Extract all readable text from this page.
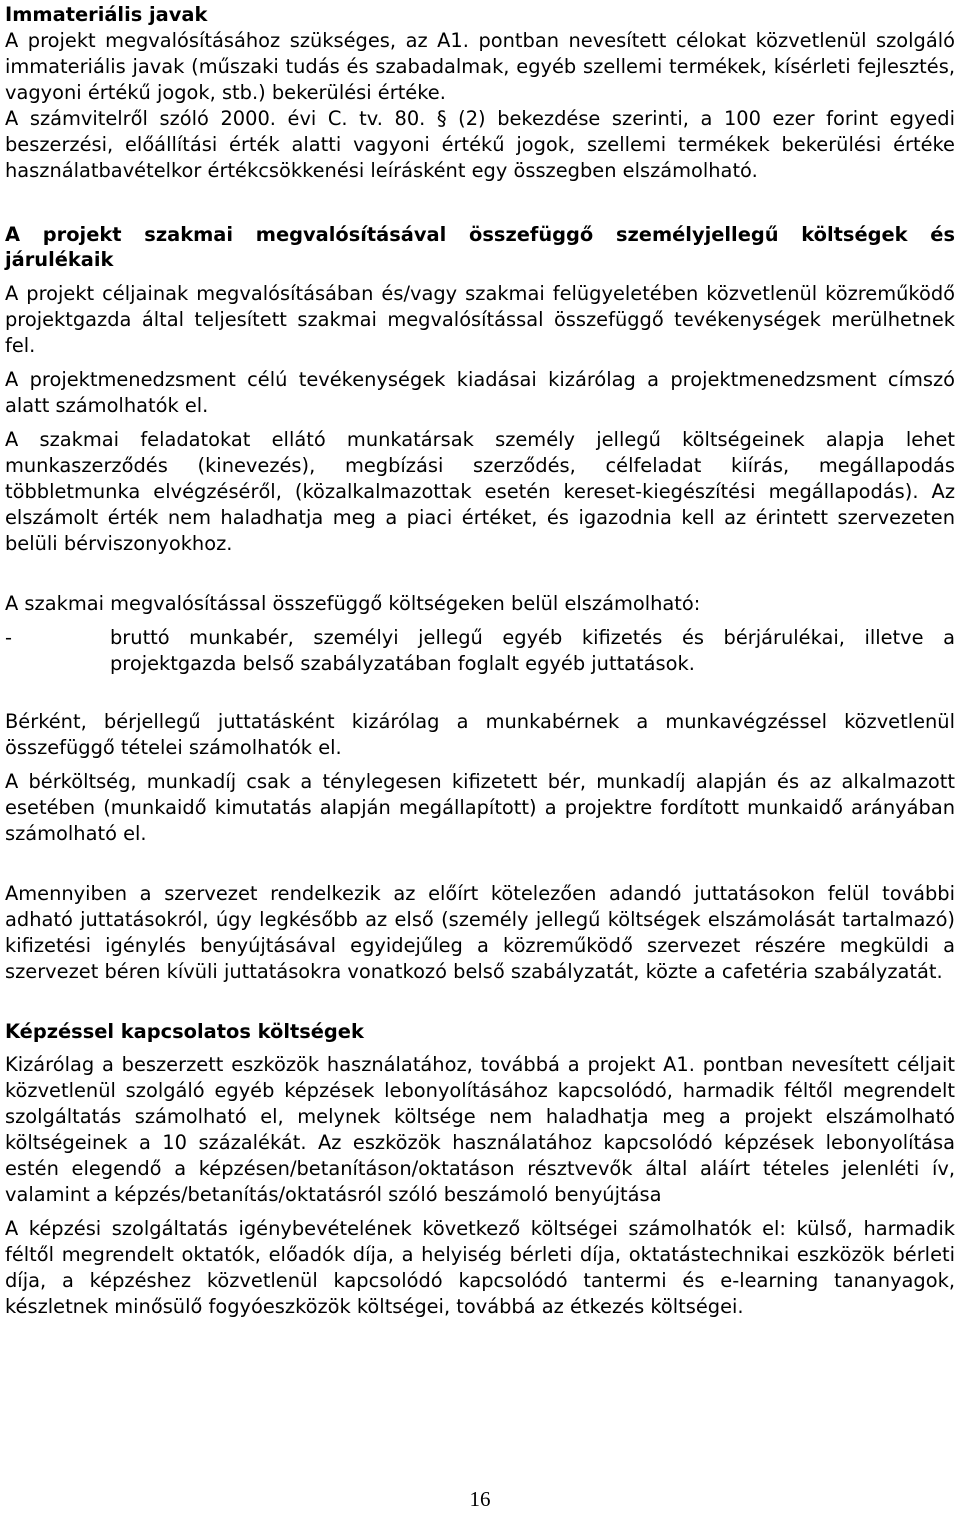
Immateriális javak

A projekt megvalósításához szükséges, az A1. pontban nevesített célokat közvetlenül szolgáló immateriális javak (műszaki tudás és szabadalmak, egyéb szellemi termékek, kísérleti fejlesztés, vagyoni értékű jogok, stb.) bekerülési értéke.

A számvitelről szóló 2000. évi C. tv. 80. § (2) bekezdése szerinti, a 100 ezer forint egyedi beszerzési, előállítási érték alatti vagyoni értékű jogok, szellemi termékek bekerülési értéke használatbavételkor értékcsökkenési leírásként egy összegben elszámolható.

A projekt szakmai megvalósításával összefüggő személyjellegű költségek és járulékaik

A projekt céljainak megvalósításában és/vagy szakmai felügyeletében közvetlenül közreműködő projektgazda által teljesített szakmai megvalósítással összefüggő tevékenységek merülhetnek fel.

A projektmenedzsment célú tevékenységek kiadásai kizárólag a projektmenedzsment címszó alatt számolhatók el.

A szakmai feladatokat ellátó munkatársak személy jellegű költségeinek alapja lehet munkaszerződés (kinevezés), megbízási szerződés, célfeladat kiírás, megállapodás többletmunka elvégzéséről, (közalkalmazottak esetén kereset-kiegészítési megállapodás). Az elszámolt érték nem haladhatja meg a piaci értéket, és igazodnia kell az érintett szervezeten belüli bérviszonyokhoz.

A szakmai megvalósítással összefüggő költségeken belül elszámolható:

-	bruttó munkabér, személyi jellegű egyéb kifizetés és bérjárulékai, illetve a projektgazda belső szabályzatában foglalt egyéb juttatások.

Bérként, bérjellegű juttatásként kizárólag a munkabérnek a munkavégzéssel közvetlenül összefüggő tételei számolhatók el.

A bérköltség, munkadíj csak a ténylegesen kifizetett bér, munkadíj alapján és az alkalmazott esetében (munkaidő kimutatás alapján megállapított) a projektre fordított munkaidő arányában számolható el.

Amennyiben a szervezet rendelkezik az előírt kötelezően adandó juttatásokon felül további adható juttatásokról, úgy legkésőbb az első (személy jellegű költségek elszámolását tartalmazó) kifizetési igénylés benyújtásával egyidejűleg a közreműködő szervezet részére megküldi a szervezet béren kívüli juttatásokra vonatkozó belső szabályzatát, közte a cafetéria szabályzatát.

Képzéssel kapcsolatos költségek

Kizárólag a beszerzett eszközök használatához, továbbá a projekt A1. pontban nevesített céljait közvetlenül szolgáló egyéb képzések lebonyolításához kapcsolódó, harmadik féltől megrendelt szolgáltatás számolható el, melynek költsége nem haladhatja meg a projekt elszámolható költségeinek a 10 százalékát. Az eszközök használatához kapcsolódó képzések lebonyolítása estén elegendő a képzésen/betanításon/oktatáson résztvevők által aláírt tételes jelenléti ív, valamint a képzés/betanítás/oktatásról szóló beszámoló benyújtása

A képzési szolgáltatás igénybevételének következő költségei számolhatók el: külső, harmadik féltől megrendelt oktatók, előadók díja, a helyiség bérleti díja, oktatástechnikai eszközök bérleti díja, a képzéshez közvetlenül kapcsolódó kapcsolódó tantermi és e-learning tananyagok, készletnek minősülő fogyóeszközök költségei, továbbá az étkezés költségei.

16
